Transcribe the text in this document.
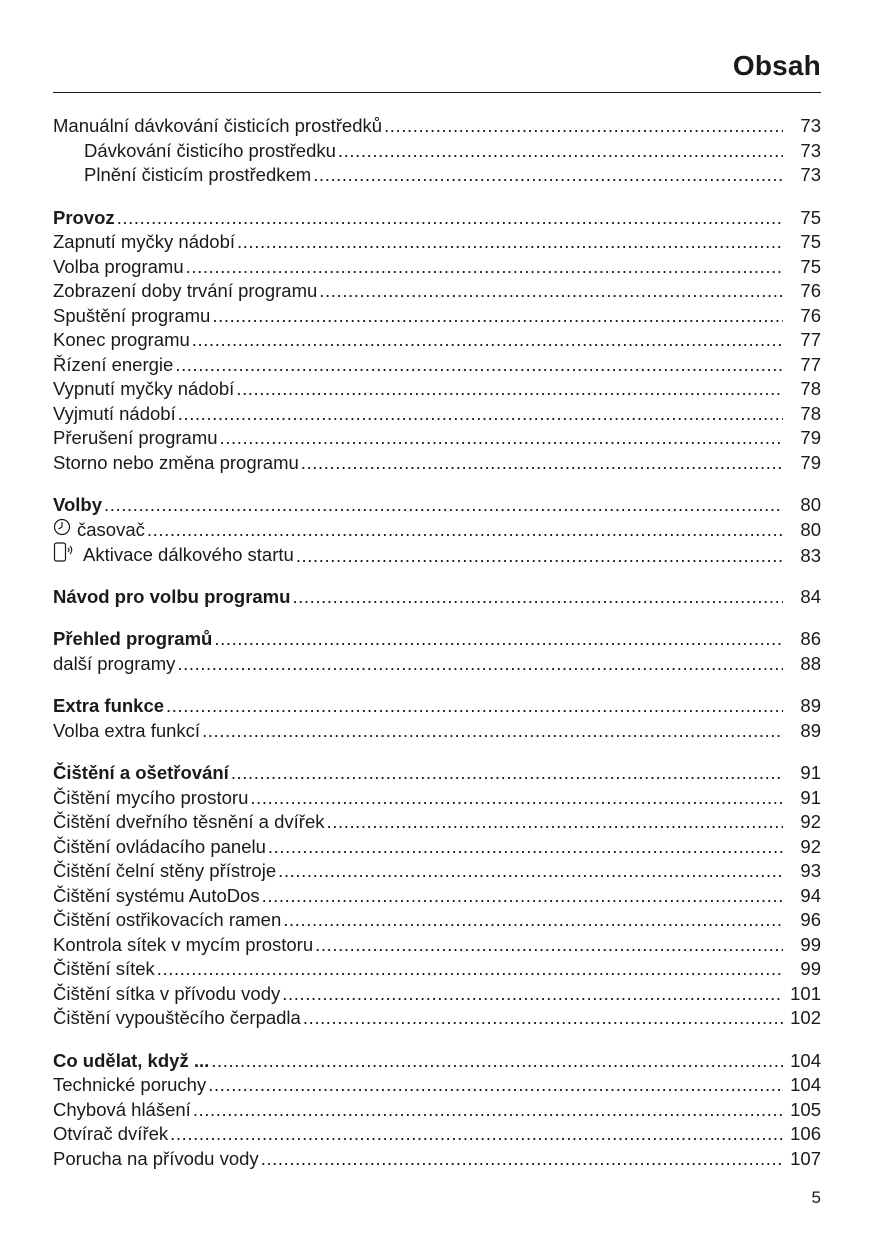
Obsah
Manuální dávkování čisticích prostředků .....	73
Dávkování čisticího prostředku .....	73
Plnění čisticím prostředkem .....	73
Provoz .....	75
Zapnutí myčky nádobí .....	75
Volba programu .....	75
Zobrazení doby trvání programu .....	76
Spuštění programu .....	76
Konec programu .....	77
Řízení energie .....	77
Vypnutí myčky nádobí .....	78
Vyjmutí nádobí .....	78
Přerušení programu .....	79
Storno nebo změna programu .....	79
Volby .....	80
časovač .....	80
Aktivace dálkového startu .....	83
Návod pro volbu programu .....	84
Přehled programů .....	86
další programy .....	88
Extra funkce .....	89
Volba extra funkcí .....	89
Čištění a ošetřování .....	91
Čištění mycího prostoru .....	91
Čištění dveřního těsnění a dvířek .....	92
Čištění ovládacího panelu .....	92
Čištění čelní stěny přístroje .....	93
Čištění systému AutoDos .....	94
Čištění ostřikovacích ramen .....	96
Kontrola sítek v mycím prostoru .....	99
Čištění sítek .....	99
Čištění sítka v přívodu vody .....	101
Čištění vypouštěcího čerpadla .....	102
Co udělat, když ... .....	104
Technické poruchy .....	104
Chybová hlášení .....	105
Otvírač dvířek .....	106
Porucha na přívodu vody .....	107
5
